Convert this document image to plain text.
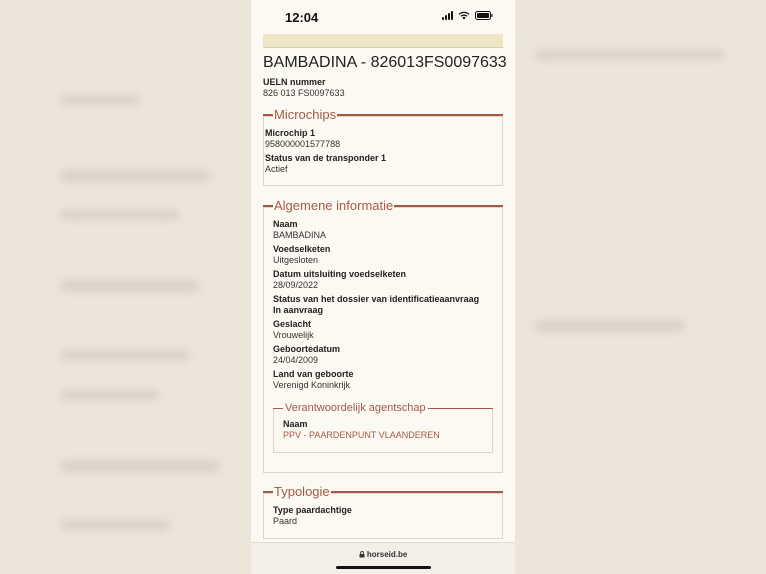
12:04
BAMBADINA - 826013FS0097633
UELN nummer
826 013 FS0097633
Microchips
Microchip 1
958000001577788
Status van de transponder 1
Actief
Algemene informatie
Naam
BAMBADINA
Voedselketen
Uitgesloten
Datum uitsluiting voedselketen
28/09/2022
Status van het dossier van identificatieaanvraag
In aanvraag
Geslacht
Vrouwelijk
Geboortedatum
24/04/2009
Land van geboorte
Verenigd Koninkrijk
Verantwoordelijk agentschap
Naam
PPV - PAARDENPUNT VLAANDEREN
Typologie
Type paardachtige
Paard
horseid.be
